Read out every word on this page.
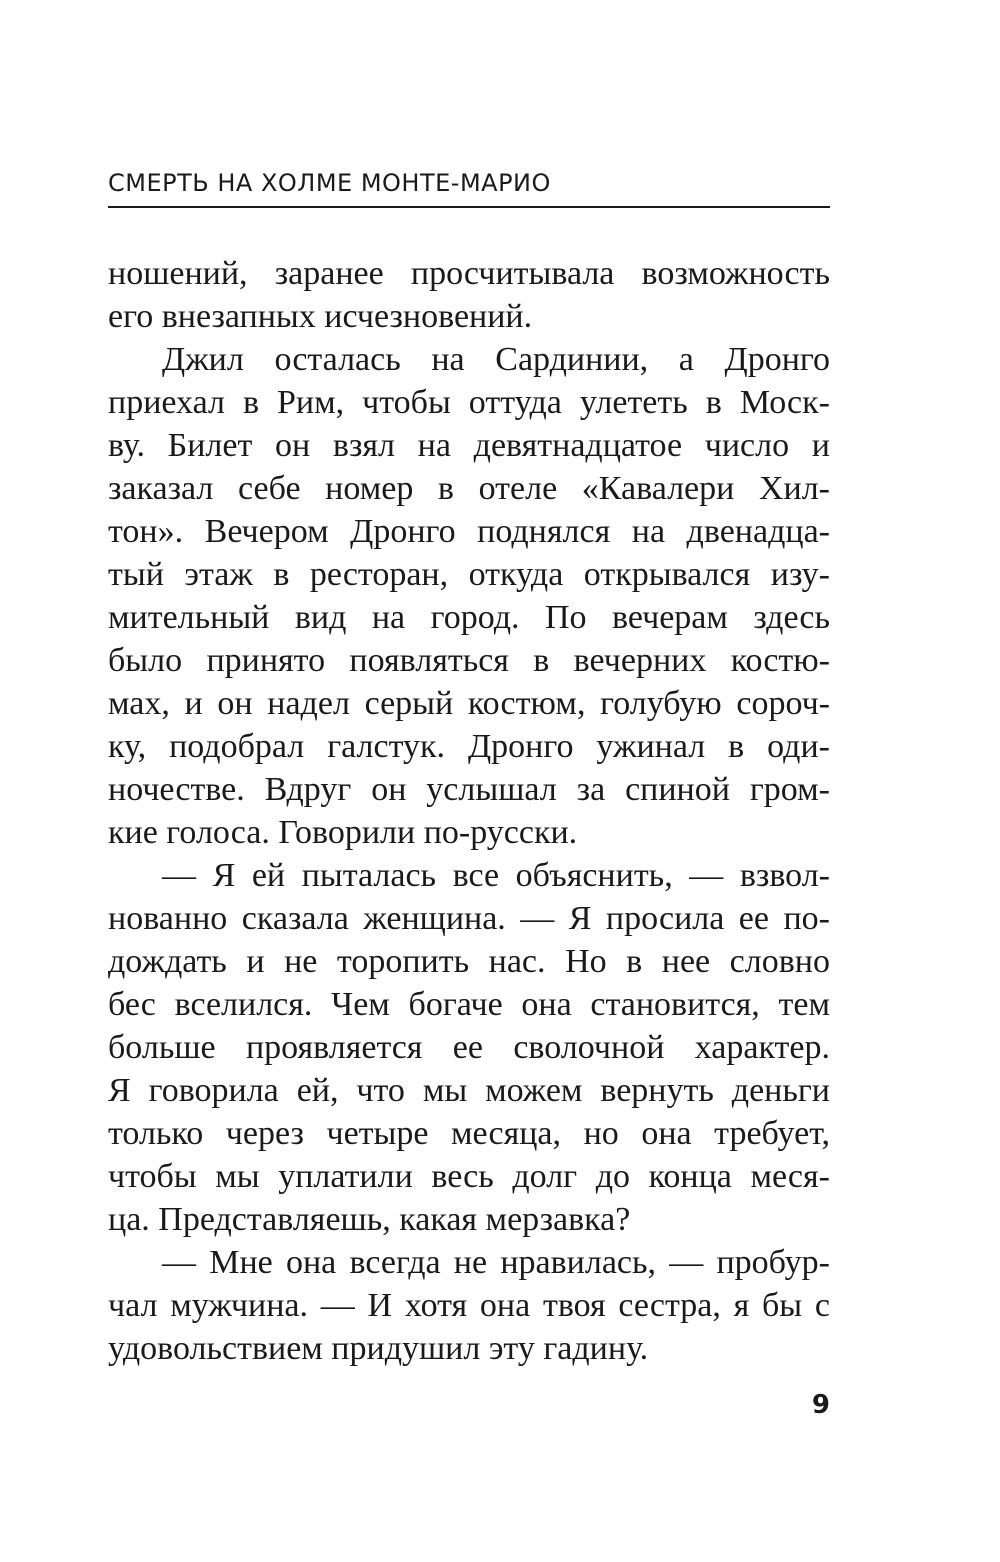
СМЕРТЬ НА ХОЛМЕ МОНТЕ-МАРИО
ношений, заранее просчитывала возможность
его внезапных исчезновений.
Джил осталась на Сардинии, а Дронго
приехал в Рим, чтобы оттуда улететь в Моск-
ву. Билет он взял на девятнадцатое число и
заказал себе номер в отеле «Кавалери Хил-
тон». Вечером Дронго поднялся на двенадца-
тый этаж в ресторан, откуда открывался изу-
мительный вид на город. По вечерам здесь
было принято появляться в вечерних костю-
мах, и он надел серый костюм, голубую сороч-
ку, подобрал галстук. Дронго ужинал в оди-
ночестве. Вдруг он услышал за спиной гром-
кие голоса. Говорили по-русски.
— Я ей пыталась все объяснить, — взвол-
нованно сказала женщина. — Я просила ее по-
дождать и не торопить нас. Но в нее словно
бес вселился. Чем богаче она становится, тем
больше проявляется ее сволочной характер.
Я говорила ей, что мы можем вернуть деньги
только через четыре месяца, но она требует,
чтобы мы уплатили весь долг до конца меся-
ца. Представляешь, какая мерзавка?
— Мне она всегда не нравилась, — пробур-
чал мужчина. — И хотя она твоя сестра, я бы с
удовольствием придушил эту гадину.
9
